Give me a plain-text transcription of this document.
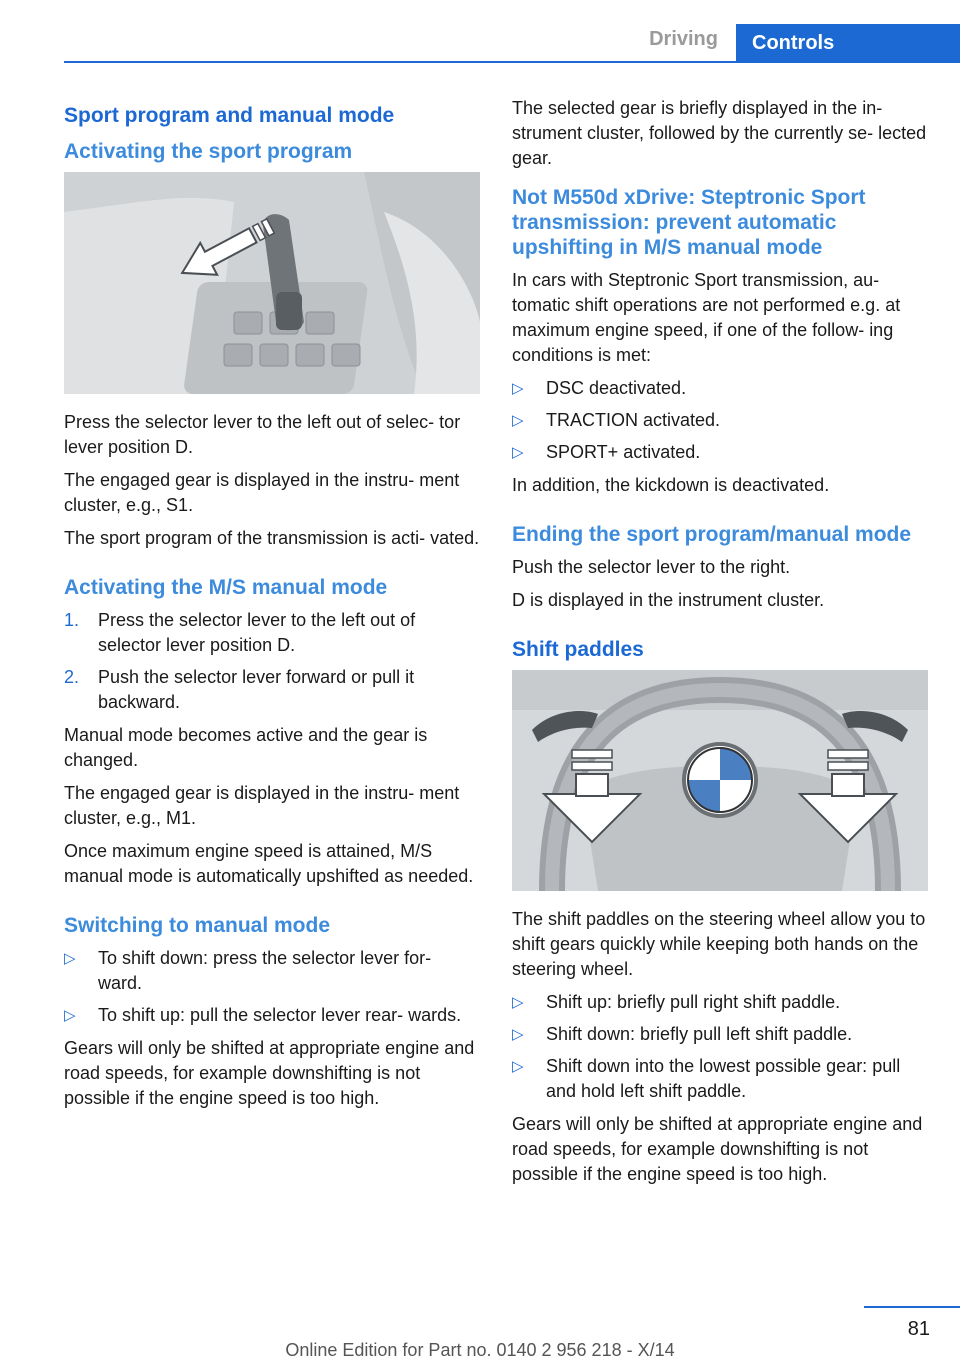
Driving	Controls
Sport program and manual mode
Activating the sport program

Press the selector lever to the left out of selec‐ tor lever position D.

The engaged gear is displayed in the instru‐ ment cluster, e.g., S1.

The sport program of the transmission is acti‐ vated.

Activating the M/S manual mode
1. Press the selector lever to the left out of selector lever position D.
2. Push the selector lever forward or pull it backward.

Manual mode becomes active and the gear is changed.

The engaged gear is displayed in the instru‐ ment cluster, e.g., M1.

Once maximum engine speed is attained, M/S manual mode is automatically upshifted as needed.

Switching to manual mode
▷ To shift down: press the selector lever for‐ ward.
▷ To shift up: pull the selector lever rear‐ wards.

Gears will only be shifted at appropriate engine and road speeds, for example downshifting is not possible if the engine speed is too high.

The selected gear is briefly displayed in the in‐ strument cluster, followed by the currently se‐ lected gear.

Not M550d xDrive: Steptronic Sport transmission: prevent automatic upshifting in M/S manual mode

In cars with Steptronic Sport transmission, au‐ tomatic shift operations are not performed e.g. at maximum engine speed, if one of the follow‐ ing conditions is met:

▷ DSC deactivated.
▷ TRACTION activated.
▷ SPORT+ activated.

In addition, the kickdown is deactivated.

Ending the sport program/manual mode

Push the selector lever to the right.

D is displayed in the instrument cluster.

Shift paddles

The shift paddles on the steering wheel allow you to shift gears quickly while keeping both hands on the steering wheel.

▷ Shift up: briefly pull right shift paddle.
▷ Shift down: briefly pull left shift paddle.
▷ Shift down into the lowest possible gear: pull and hold left shift paddle.

Gears will only be shifted at appropriate engine and road speeds, for example downshifting is not possible if the engine speed is too high.

81
Online Edition for Part no. 0140 2 956 218 - X/14
